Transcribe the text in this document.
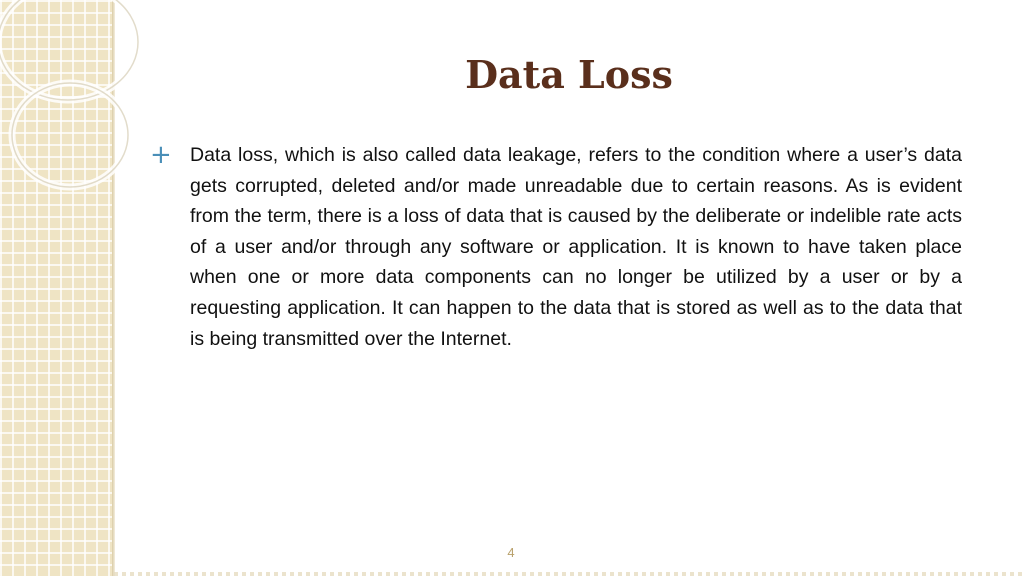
Data Loss
+ Data loss, which is also called data leakage, refers to the condition where a user’s data gets corrupted, deleted and/or made unreadable due to certain reasons. As is evident from the term, there is a loss of data that is caused by the deliberate or indelible rate acts of a user and/or through any software or application. It is known to have taken place when one or more data components can no longer be utilized by a user or by a requesting application. It can happen to the data that is stored as well as to the data that is being transmitted over the Internet.

4
